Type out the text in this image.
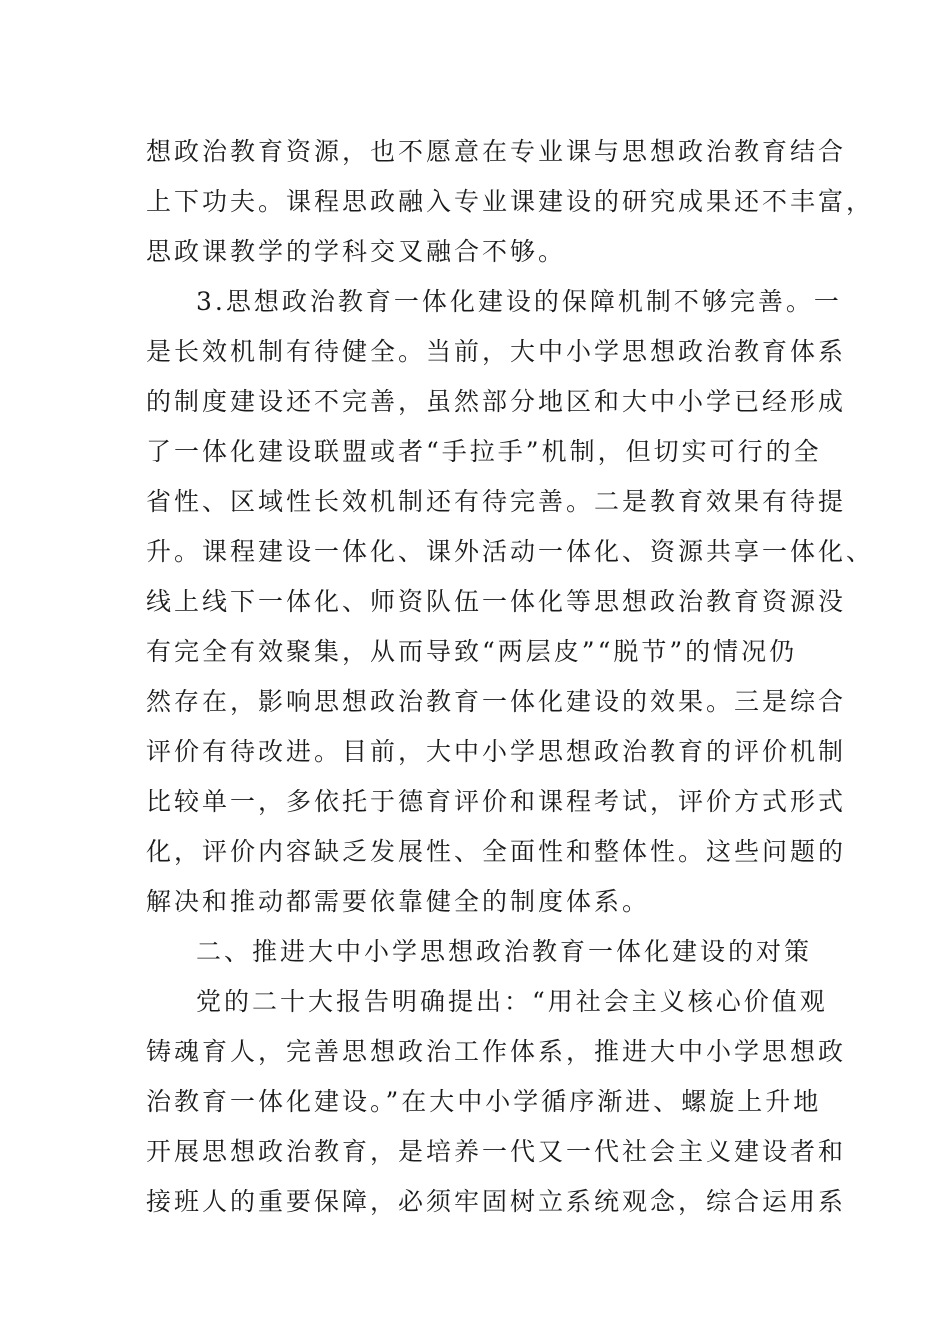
想政治教育资源，也不愿意在专业课与思想政治教育结合

上下功夫。课程思政融入专业课建设的研究成果还不丰富，

思政课教学的学科交叉融合不够。

3.思想政治教育一体化建设的保障机制不够完善。一

是长效机制有待健全。当前，大中小学思想政治教育体系

的制度建设还不完善，虽然部分地区和大中小学已经形成

了一体化建设联盟或者“手拉手”机制，但切实可行的全

省性、区域性长效机制还有待完善。二是教育效果有待提

升。课程建设一体化、课外活动一体化、资源共享一体化、

线上线下一体化、师资队伍一体化等思想政治教育资源没

有完全有效聚集，从而导致“两层皮”“脱节”的情况仍

然存在，影响思想政治教育一体化建设的效果。三是综合

评价有待改进。目前，大中小学思想政治教育的评价机制

比较单一，多依托于德育评价和课程考试，评价方式形式

化，评价内容缺乏发展性、全面性和整体性。这些问题的

解决和推动都需要依靠健全的制度体系。

二、推进大中小学思想政治教育一体化建设的对策

党的二十大报告明确提出：“用社会主义核心价值观

铸魂育人，完善思想政治工作体系，推进大中小学思想政

治教育一体化建设。”在大中小学循序渐进、螺旋上升地

开展思想政治教育，是培养一代又一代社会主义建设者和

接班人的重要保障，必须牢固树立系统观念，综合运用系
